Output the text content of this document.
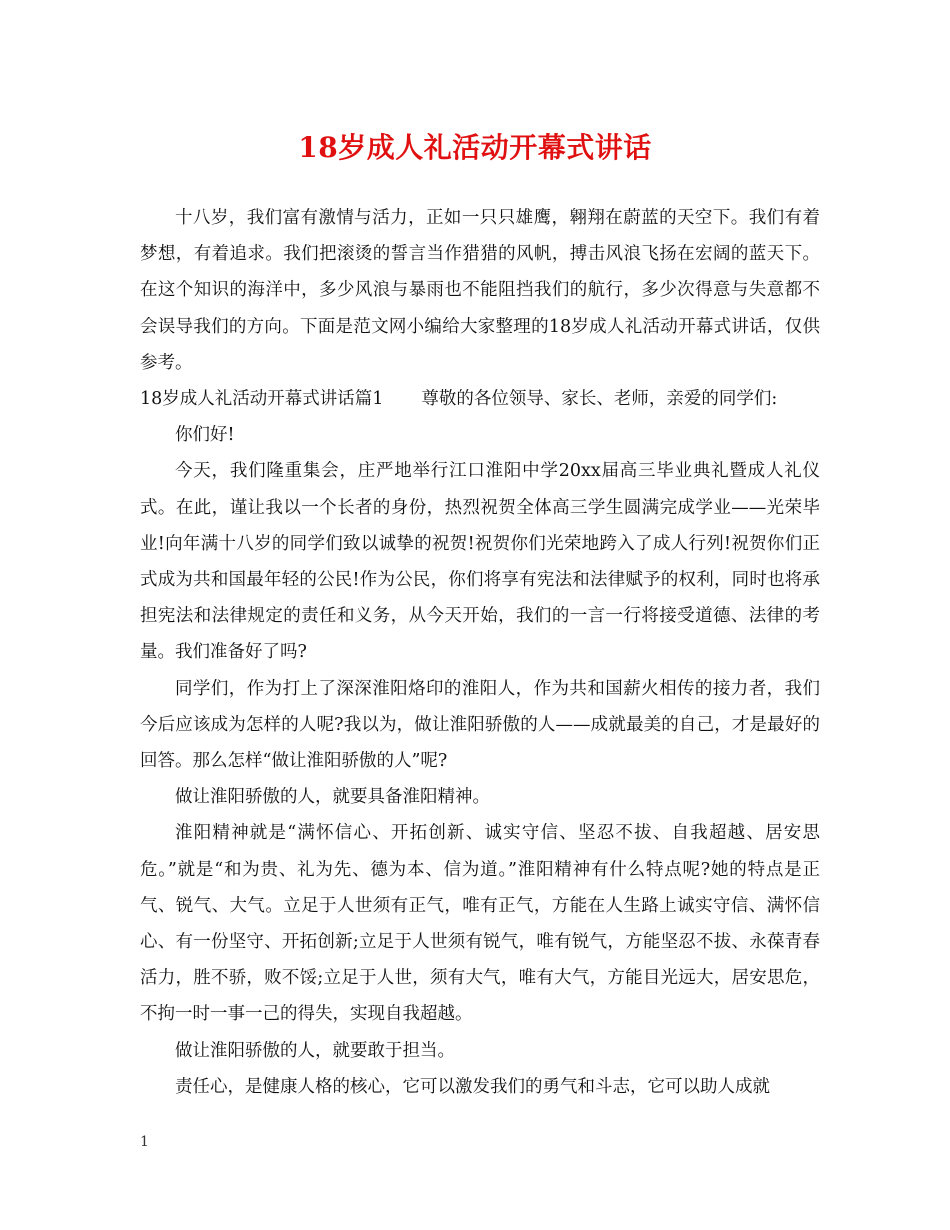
18岁成人礼活动开幕式讲话

十八岁，我们富有激情与活力，正如一只只雄鹰，翱翔在蔚蓝的天空下。我们有着梦想，有着追求。我们把滚烫的誓言当作猎猎的风帆，搏击风浪飞扬在宏阔的蓝天下。在这个知识的海洋中，多少风浪与暴雨也不能阻挡我们的航行，多少次得意与失意都不会误导我们的方向。下面是范文网小编给大家整理的18岁成人礼活动开幕式讲话，仅供参考。

18岁成人礼活动开幕式讲话篇1 尊敬的各位领导、家长、老师，亲爱的同学们:

你们好!

今天，我们隆重集会，庄严地举行江口淮阳中学20xx届高三毕业典礼暨成人礼仪式。在此，谨让我以一个长者的身份，热烈祝贺全体高三学生圆满完成学业——光荣毕业!向年满十八岁的同学们致以诚挚的祝贺!祝贺你们光荣地跨入了成人行列!祝贺你们正式成为共和国最年轻的公民!作为公民，你们将享有宪法和法律赋予的权利，同时也将承担宪法和法律规定的责任和义务，从今天开始，我们的一言一行将接受道德、法律的考量。我们准备好了吗?

同学们，作为打上了深深淮阳烙印的淮阳人，作为共和国薪火相传的接力者，我们今后应该成为怎样的人呢?我以为，做让淮阳骄傲的人——成就最美的自己，才是最好的回答。那么怎样“做让淮阳骄傲的人”呢?

做让淮阳骄傲的人，就要具备淮阳精神。

淮阳精神就是“满怀信心、开拓创新、诚实守信、坚忍不拔、自我超越、居安思危。”就是“和为贵、礼为先、德为本、信为道。”淮阳精神有什么特点呢?她的特点是正气、锐气、大气。立足于人世须有正气，唯有正气，方能在人生路上诚实守信、满怀信心、有一份坚守、开拓创新;立足于人世须有锐气，唯有锐气，方能坚忍不拔、永葆青春活力，胜不骄，败不馁;立足于人世，须有大气，唯有大气，方能目光远大，居安思危，不拘一时一事一己的得失，实现自我超越。

做让淮阳骄傲的人，就要敢于担当。

责任心，是健康人格的核心，它可以激发我们的勇气和斗志，它可以助人成就

1
